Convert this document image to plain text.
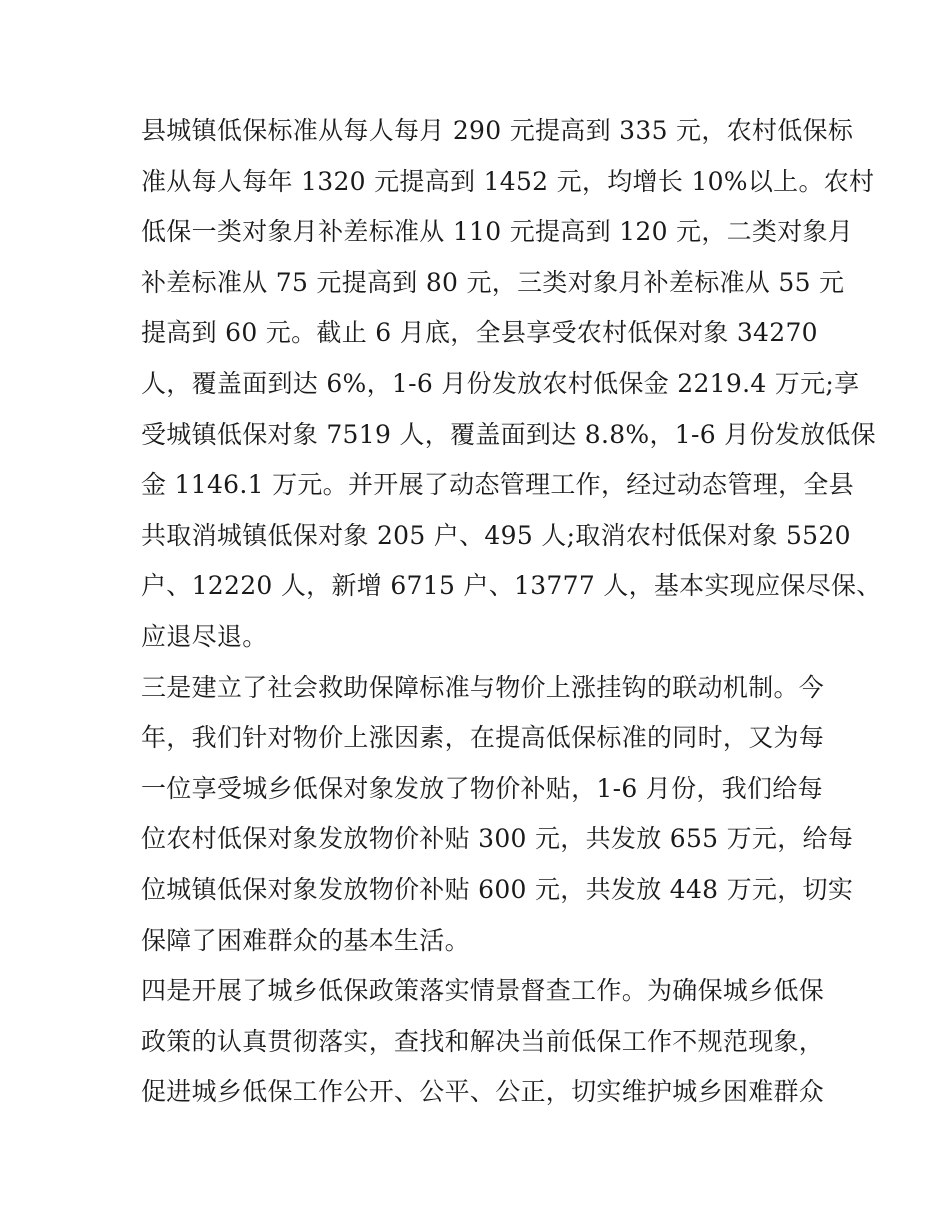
县城镇低保标准从每人每月 290 元提高到 335 元，农村低保标
准从每人每年 1320 元提高到 1452 元，均增长 10%以上。农村
低保一类对象月补差标准从 110 元提高到 120 元，二类对象月
补差标准从 75 元提高到 80 元，三类对象月补差标准从 55 元
提高到 60 元。截止 6 月底，全县享受农村低保对象 34270
人，覆盖面到达 6%，1-6 月份发放农村低保金 2219.4 万元;享
受城镇低保对象 7519 人，覆盖面到达 8.8%，1-6 月份发放低保
金 1146.1 万元。并开展了动态管理工作，经过动态管理，全县
共取消城镇低保对象 205 户、495 人;取消农村低保对象 5520
户、12220 人，新增 6715 户、13777 人，基本实现应保尽保、
应退尽退。
三是建立了社会救助保障标准与物价上涨挂钩的联动机制。今
年，我们针对物价上涨因素，在提高低保标准的同时，又为每
一位享受城乡低保对象发放了物价补贴，1-6 月份，我们给每
位农村低保对象发放物价补贴 300 元，共发放 655 万元，给每
位城镇低保对象发放物价补贴 600 元，共发放 448 万元，切实
保障了困难群众的基本生活。
四是开展了城乡低保政策落实情景督查工作。为确保城乡低保
政策的认真贯彻落实，查找和解决当前低保工作不规范现象，
促进城乡低保工作公开、公平、公正，切实维护城乡困难群众
